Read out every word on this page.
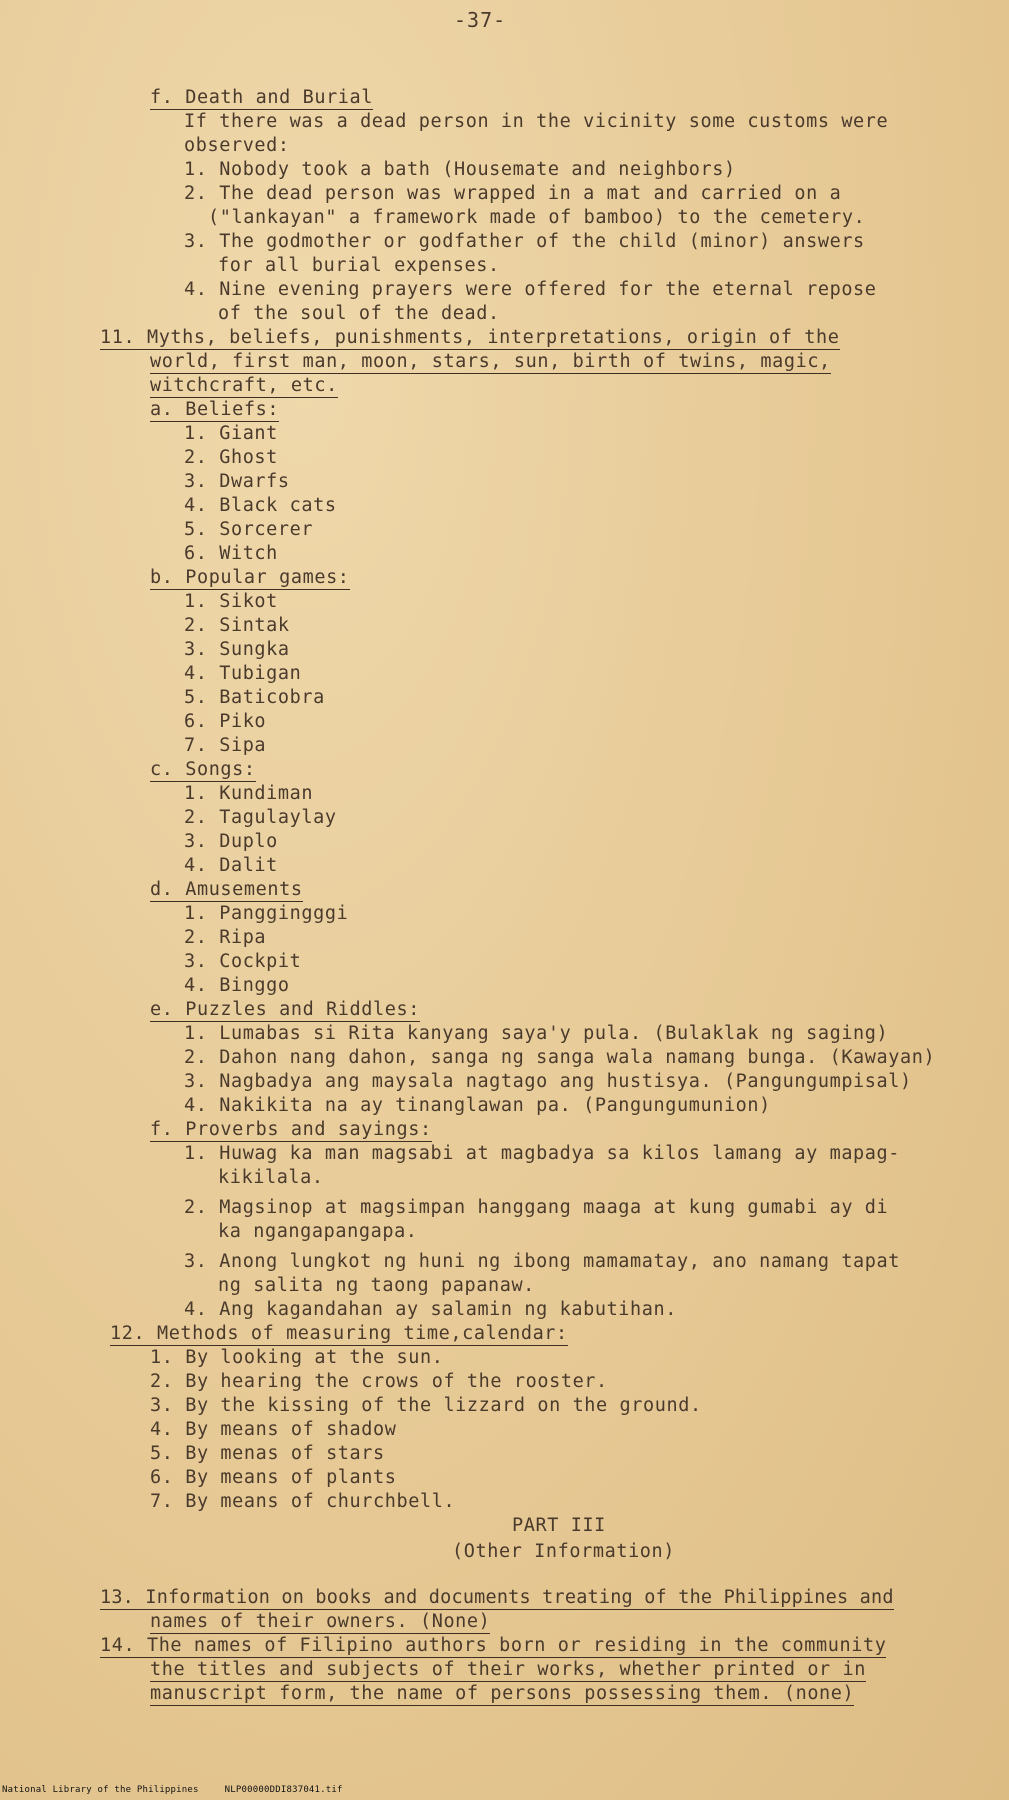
-37-
f. Death and Burial
If there was a dead person in the vicinity some customs were
observed:
1. Nobody took a bath (Housemate and neighbors)
2. The dead person was wrapped in a mat and carried on a
("lankayan" a framework made of bamboo) to the cemetery.
3. The godmother or godfather of the child (minor) answers
for all burial expenses.
4. Nine evening prayers were offered for the eternal repose
of the soul of the dead.
11. Myths, beliefs, punishments, interpretations, origin of the
world, first man, moon, stars, sun, birth of twins, magic,
witchcraft, etc.
a. Beliefs:
1. Giant
2. Ghost
3. Dwarfs
4. Black cats
5. Sorcerer
6. Witch
b. Popular games:
1. Sikot
2. Sintak
3. Sungka
4. Tubigan
5. Baticobra
6. Piko
7. Sipa
c. Songs:
1. Kundiman
2. Tagulaylay
3. Duplo
4. Dalit
d. Amusements
1. Panggingggi
2. Ripa
3. Cockpit
4. Binggo
e. Puzzles and Riddles:
1. Lumabas si Rita kanyang saya'y pula. (Bulaklak ng saging)
2. Dahon nang dahon, sanga ng sanga wala namang bunga. (Kawayan)
3. Nagbadya ang maysala nagtago ang hustisya. (Pangungumpisal)
4. Nakikita na ay tinanglawan pa. (Pangungumunion)
f. Proverbs and sayings:
1. Huwag ka man magsabi at magbadya sa kilos lamang ay mapag-
kikilala.
2. Magsinop at magsimpan hanggang maaga at kung gumabi ay di
ka ngangapangapa.
3. Anong lungkot ng huni ng ibong mamamatay, ano namang tapat
ng salita ng taong papanaw.
4. Ang kagandahan ay salamin ng kabutihan.
12. Methods of measuring time,calendar:
1. By looking at the sun.
2. By hearing the crows of the rooster.
3. By the kissing of the lizzard on the ground.
4. By means of shadow
5. By menas of stars
6. By means of plants
7. By means of churchbell.
PART III
(Other Information)
13. Information on books and documents treating of the Philippines and
names of their owners. (None)
14. The names of Filipino authors born or residing in the community
the titles and subjects of their works, whether printed or in
manuscript form, the name of persons possessing them. (none)
National Library of the Philippines	NLP00000DDI837041.tif
